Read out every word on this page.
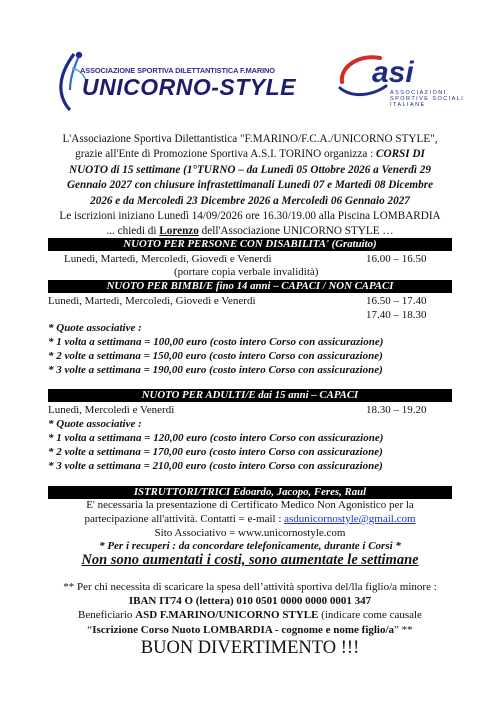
ASSOCIAZIONE SPORTIVA DILETTANTISTICA F.MARINO
UNICORNO-STYLE	asi
ASSOCIAZIONI
SPORTIVE SOCIALI
ITALIANE
L'Associazione Sportiva Dilettantistica "F.MARINO/F.C.A./UNICORNO STYLE",
grazie all'Ente di Promozione Sportiva A.S.I. TORINO organizza : CORSI DI
NUOTO di 15 settimane (1°TURNO – da Lunedì 05 Ottobre 2026 a Venerdì 29
Gennaio 2027 con chiusure infrastettimanali Lunedì 07 e Martedì 08 Dicembre
2026 e da Mercoledì 23 Dicembre 2026 a Mercoledì 06 Gennaio 2027
Le iscrizioni iniziano Lunedì 14/09/2026 ore 16.30/19.00 alla Piscina LOMBARDIA
... chiedi di Lorenzo dell'Associazione UNICORNO STYLE …
NUOTO PER PERSONE CON DISABILITA' (Gratuito)
Lunedì, Martedì, Mercoledì, Giovedì e Venerdì	16.00 – 16.50
(portare copia verbale invalidità)
NUOTO PER BIMBI/E fino 14 anni – CAPACI / NON CAPACI
Lunedì, Martedì, Mercoledì, Giovedì e Venerdì	16.50 – 17.40
17.40 – 18.30
* Quote associative :
* 1 volta a settimana = 100,00 euro (costo intero Corso con assicurazione)
* 2 volte a settimana = 150,00 euro (costo intero Corso con assicurazione)
* 3 volte a settimana = 190,00 euro (costo intero Corso con assicurazione)
NUOTO PER ADULTI/E dai 15 anni – CAPACI
Lunedì, Mercoledì e Venerdì	18.30 – 19.20
* Quote associative :
* 1 volta a settimana = 120,00 euro (costo intero Corso con assicurazione)
* 2 volte a settimana = 170,00 euro (costo intero Corso con assicurazione)
* 3 volte a settimana = 210,00 euro (costo intero Corso con assicurazione)
ISTRUTTORI/TRICI Edoardo, Jacopo, Feres, Raul
E' necessaria la presentazione di Certificato Medico Non Agonistico per la
partecipazione all'attività. Contatti = e-mail : asdunicornostyle@gmail.com
Sito Associativo = www.unicornostyle.com
* Per i recuperi : da concordare telefonicamente, durante i Corsi *
Non sono aumentati i costi, sono aumentate le settimane
** Per chi necessita di scaricare la spesa dell’attività sportiva del/lla figlio/a minore :
IBAN IT74 O (lettera) 010 0501 0000 0000 0001 347
Beneficiario ASD F.MARINO/UNICORNO STYLE (indicare come causale
“Iscrizione Corso Nuoto LOMBARDIA - cognome e nome figlio/a” **
BUON DIVERTIMENTO !!!
